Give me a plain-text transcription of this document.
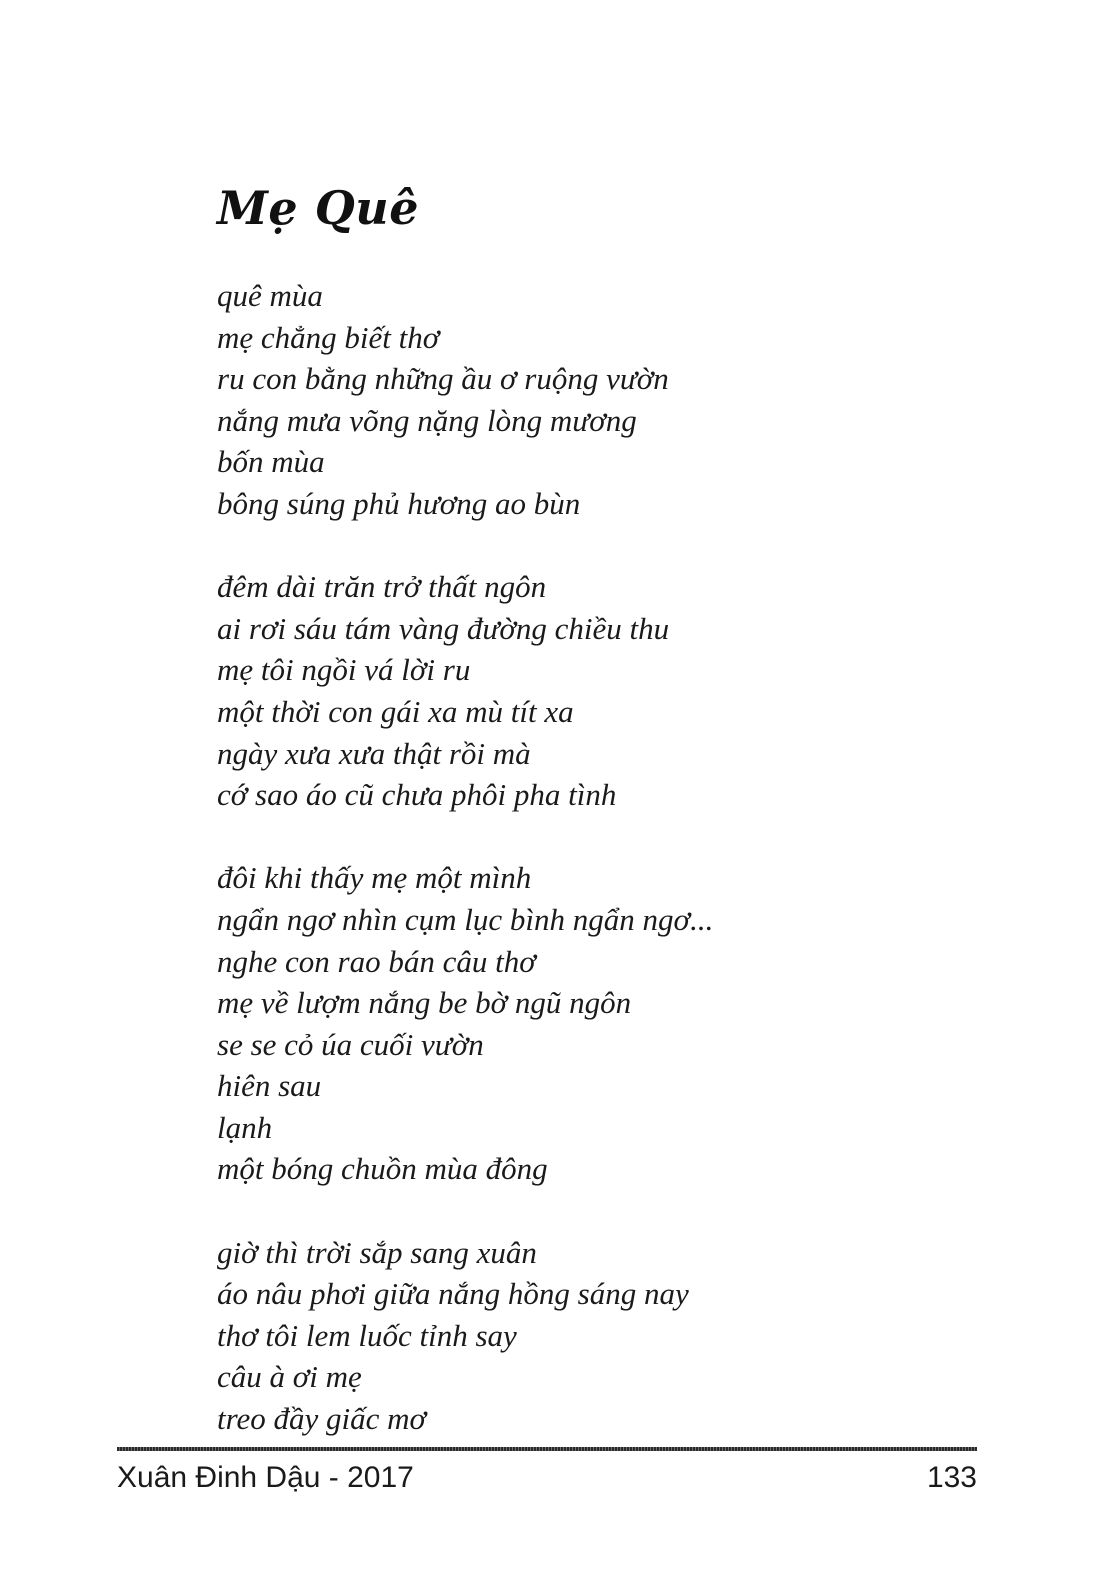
Mẹ Quê
quê mùa
mẹ chẳng biết thơ
ru con bằng những ầu ơ ruộng vườn
nắng mưa võng nặng lòng mương
bốn mùa
bông súng phủ hương ao bùn
đêm dài trăn trở thất ngôn
ai rơi sáu tám vàng đường chiều thu
mẹ tôi ngồi vá lời ru
một thời con gái xa mù tít xa
ngày xưa xưa thật rồi mà
cớ sao áo cũ chưa phôi pha tình
đôi khi thấy mẹ một mình
ngẩn ngơ nhìn cụm lục bình ngẩn ngơ...
nghe con rao bán câu thơ
mẹ về lượm nắng be bờ ngũ ngôn
se se cỏ úa cuối vườn
hiên sau
lạnh
một bóng chuồn mùa đông
giờ thì trời sắp sang xuân
áo nâu phơi giữa nắng hồng sáng nay
thơ tôi lem luốc tỉnh say
câu à ơi mẹ
treo đầy giấc mơ
Xuân Đinh Dậu - 2017	133
